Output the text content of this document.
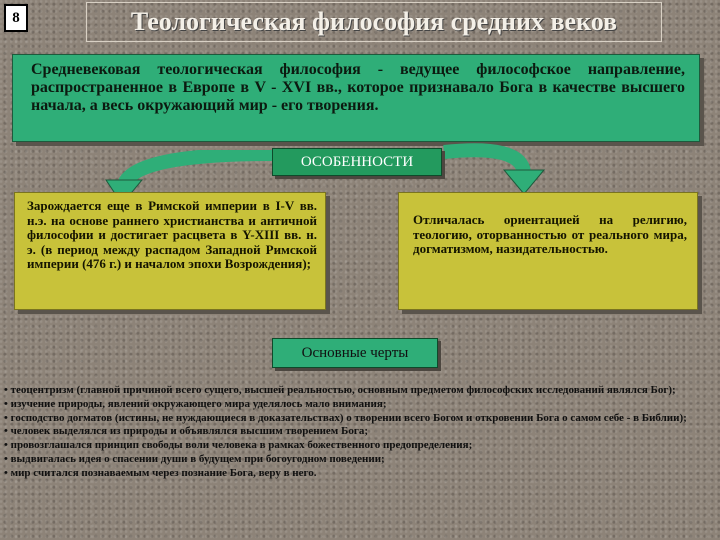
8	Теологическая философия средних веков
Средневековая теологическая философия - ведущее философское направление, распространенное в Европе в V - XVI вв., которое признавало Бога в качестве высшего начала, а весь окружающий мир - его творения.
ОСОБЕННОСТИ
Зарождается еще в Римской империи в I-V вв. н.э. на основе раннего христианства и античной философии и достигает расцвета в Y-XIII вв. н. э. (в период между распадом Западной Римской империи (476 г.) и началом эпохи Возрождения);
Отличалась ориентацией на религию, теологию, оторванностью от реального мира, догматизмом, назидательностью.
Основные черты

• теоцентризм (главной причиной всего сущего, высшей реальностью, основным предметом философских исследований являлся Бог);

• изучение природы, явлений окружающего мира уделялось мало внимания;

• господство догматов (истины, не нуждающиеся в доказательствах) о творении всего Богом и откровении Бога о самом себе - в Библии);

• человек выделялся из природы и объявлялся высшим творением Бога;

• провозглашался принцип свободы воли человека в рамках божественного предопределения;

• выдвигалась идея о спасении души в будущем при богоугодном поведении;

• мир считался познаваемым через познание Бога, веру в него.
